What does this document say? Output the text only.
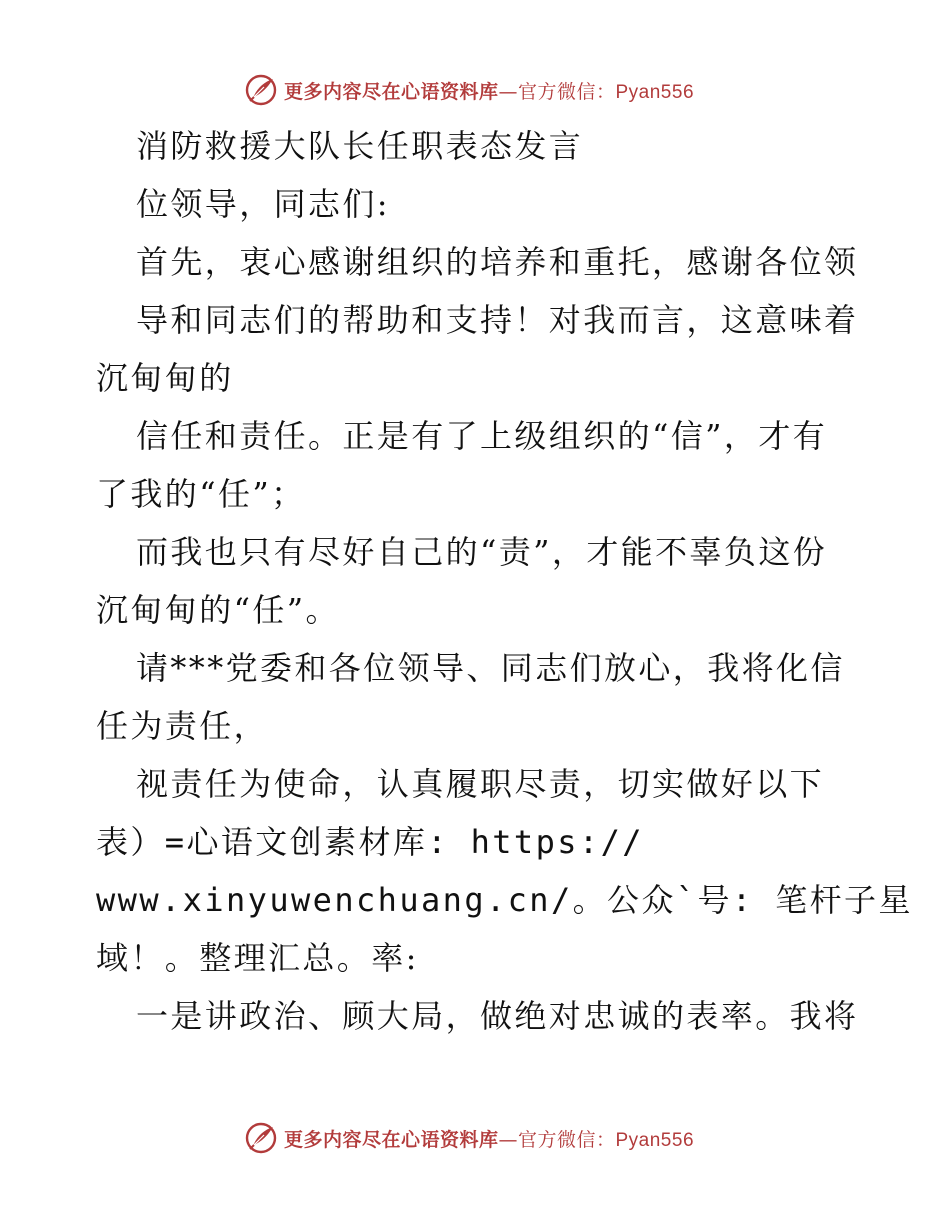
更多内容尽在心语资料库 — 官方微信： Pyan556
消防救援大队长任职表态发言
位领导，同志们:
首先，衷心感谢组织的培养和重托，感谢各位领
导和同志们的帮助和支持！对我而言，这意味着
沉甸甸的
信任和责任。正是有了上级组织的“信”，才有
了我的“任”；
而我也只有尽好自己的“责”，才能不辜负这份
沉甸甸的“任”。
请***党委和各位领导、同志们放心，我将化信
任为责任，
视责任为使命，认真履职尽责，切实做好以下
表）=心语文创素材库: https://
www.xinyuwenchuang.cn/。公众`号: 笔杆子星
域！。整理汇总。率:
一是讲政治、顾大局，做绝对忠诚的表率。我将
更多内容尽在心语资料库 — 官方微信： Pyan556
